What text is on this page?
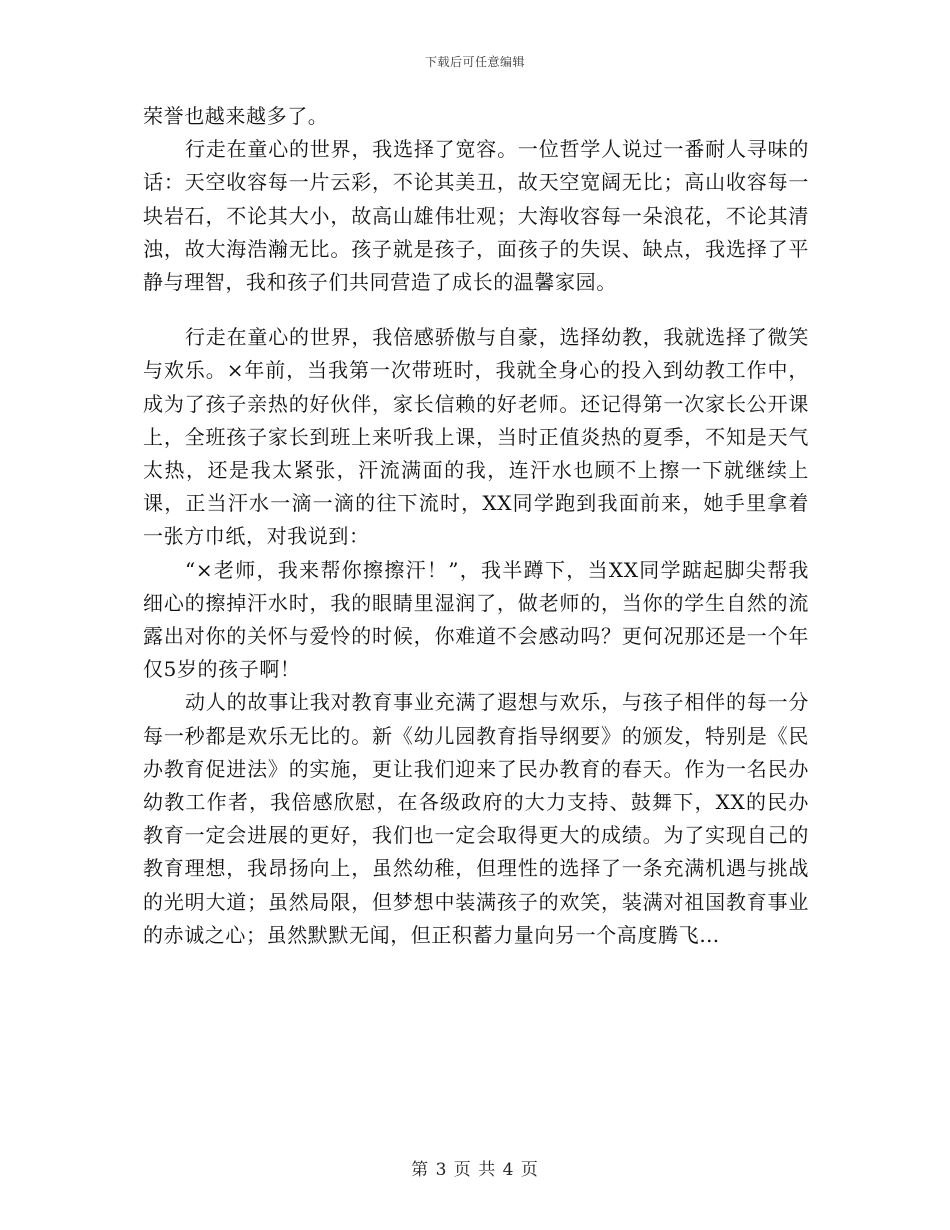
下载后可任意编辑

荣誉也越来越多了。

行走在童心的世界，我选择了宽容。一位哲学人说过一番耐人寻味的话：天空收容每一片云彩，不论其美丑，故天空宽阔无比；高山收容每一块岩石，不论其大小，故高山雄伟壮观；大海收容每一朵浪花，不论其清浊，故大海浩瀚无比。孩子就是孩子，面孩子的失误、缺点，我选择了平静与理智，我和孩子们共同营造了成长的温馨家园。

行走在童心的世界，我倍感骄傲与自豪，选择幼教，我就选择了微笑与欢乐。×年前，当我第一次带班时，我就全身心的投入到幼教工作中，成为了孩子亲热的好伙伴，家长信赖的好老师。还记得第一次家长公开课上，全班孩子家长到班上来听我上课，当时正值炎热的夏季，不知是天气太热，还是我太紧张，汗流满面的我，连汗水也顾不上擦一下就继续上课，正当汗水一滴一滴的往下流时，XX同学跑到我面前来，她手里拿着一张方巾纸，对我说到：

“×老师，我来帮你擦擦汗！”，我半蹲下，当XX同学踮起脚尖帮我细心的擦掉汗水时，我的眼睛里湿润了，做老师的，当你的学生自然的流露出对你的关怀与爱怜的时候，你难道不会感动吗？更何况那还是一个年仅5岁的孩子啊！

动人的故事让我对教育事业充满了遐想与欢乐，与孩子相伴的每一分每一秒都是欢乐无比的。新《幼儿园教育指导纲要》的颁发，特别是《民办教育促进法》的实施，更让我们迎来了民办教育的春天。作为一名民办幼教工作者，我倍感欣慰，在各级政府的大力支持、鼓舞下，XX的民办教育一定会进展的更好，我们也一定会取得更大的成绩。为了实现自己的教育理想，我昂扬向上，虽然幼稚，但理性的选择了一条充满机遇与挑战的光明大道；虽然局限，但梦想中装满孩子的欢笑，装满对祖国教育事业的赤诚之心；虽然默默无闻，但正积蓄力量向另一个高度腾飞…

第 3 页 共 4 页
